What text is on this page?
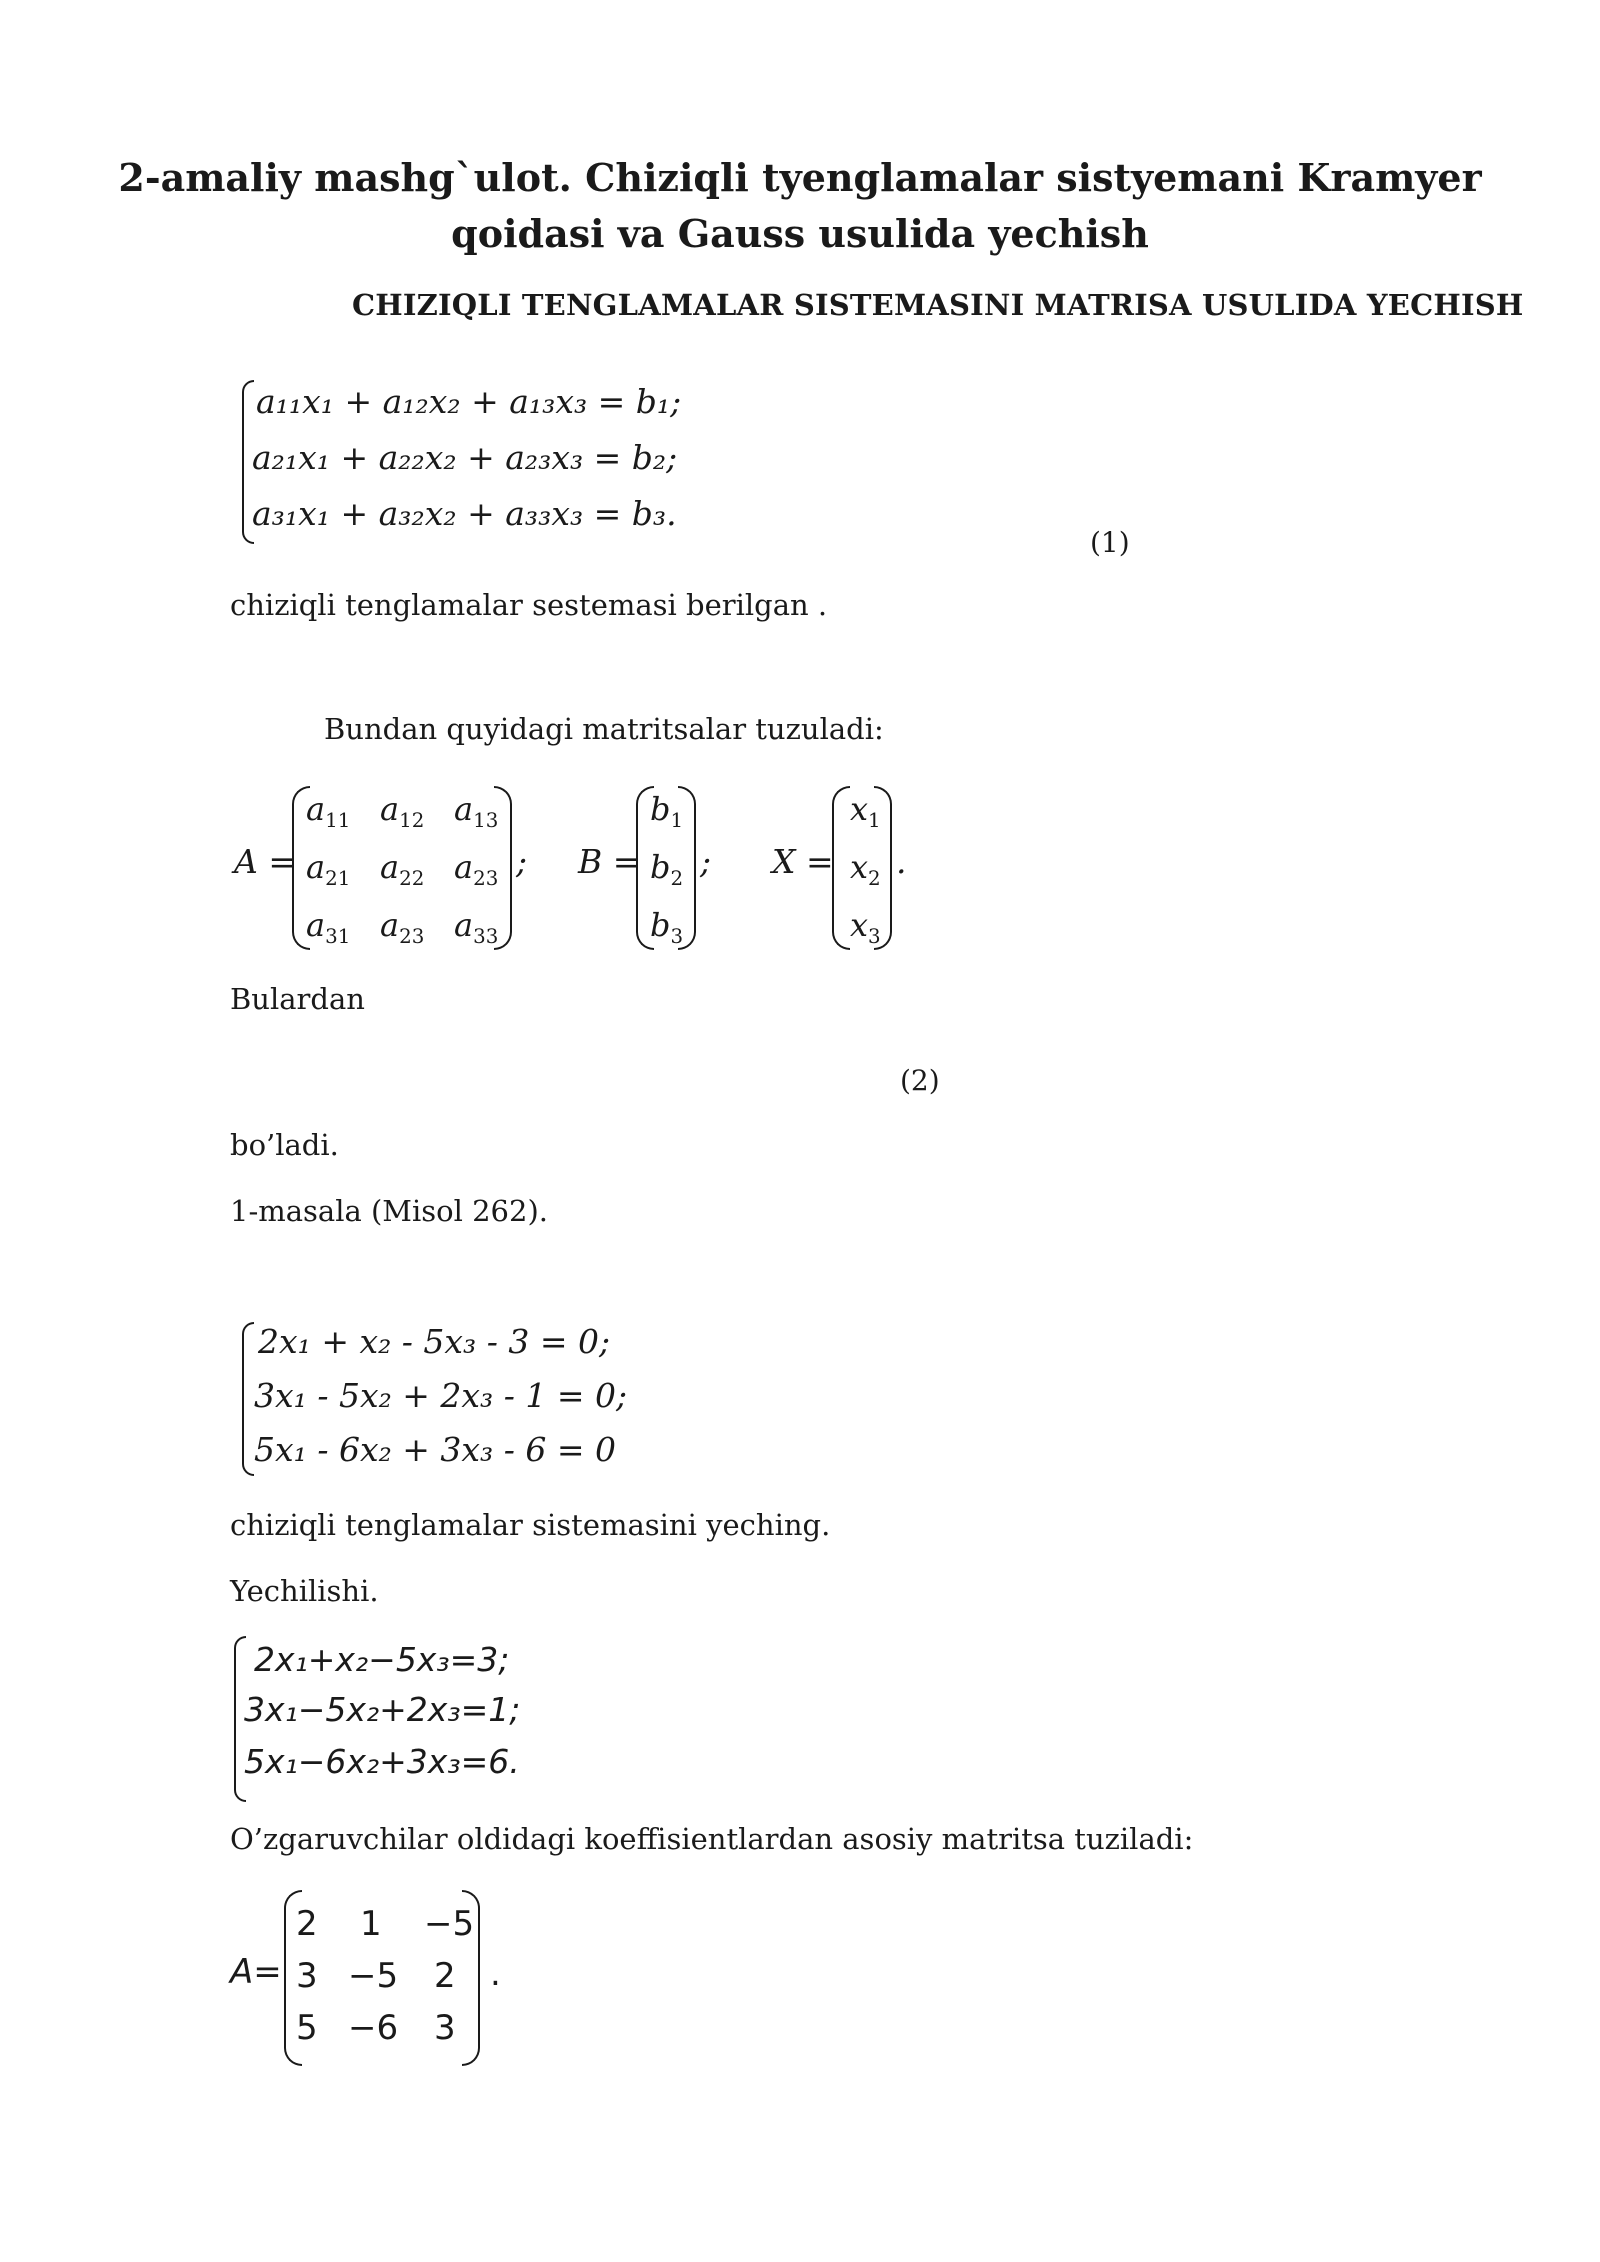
2-amaliy mashg`ulot. Chiziqli tyenglamalar sistyemani Kramyer
qoidasi va Gauss usulida yechish
CHIZIQLI TENGLAMALAR SISTEMASINI MATRISA USULIDA YECHISH
a₁₁x₁ + a₁₂x₂ + a₁₃x₃ = b₁;
a₂₁x₁ + a₂₂x₂ + a₂₃x₃ = b₂;
a₃₁x₁ + a₃₂x₂ + a₃₃x₃ = b₃.
(1)
chiziqli tenglamalar sestemasi berilgan .
Bundan quyidagi matritsalar tuzuladi:
A =
$a_{11}$ $a_{12}$ $a_{13}$
$a_{21}$ $a_{22}$ $a_{23}$
$a_{31}$ $a_{23}$ $a_{33}$
; B =
$b_1$
$b_2$
$b_3$
; X =
$x_1$
$x_2$
$x_3$
.
Bulardan
(2)
bo’ladi.
1-masala (Misol 262).
2x₁ + x₂ - 5x₃ - 3 = 0;
3x₁ - 5x₂ + 2x₃ - 1 = 0;
5x₁ - 6x₂ + 3x₃ - 6 = 0
chiziqli tenglamalar sistemasini yeching.
Yechilishi.
2x₁+x₂−5x₃=3;
3x₁−5x₂+2x₃=1;
5x₁−6x₂+3x₃=6.
O’zgaruvchilar oldidagi koeffisientlardan asosiy matritsa tuziladi:
A=
2 1 −5
3 −5 2
5 −6 3
.
